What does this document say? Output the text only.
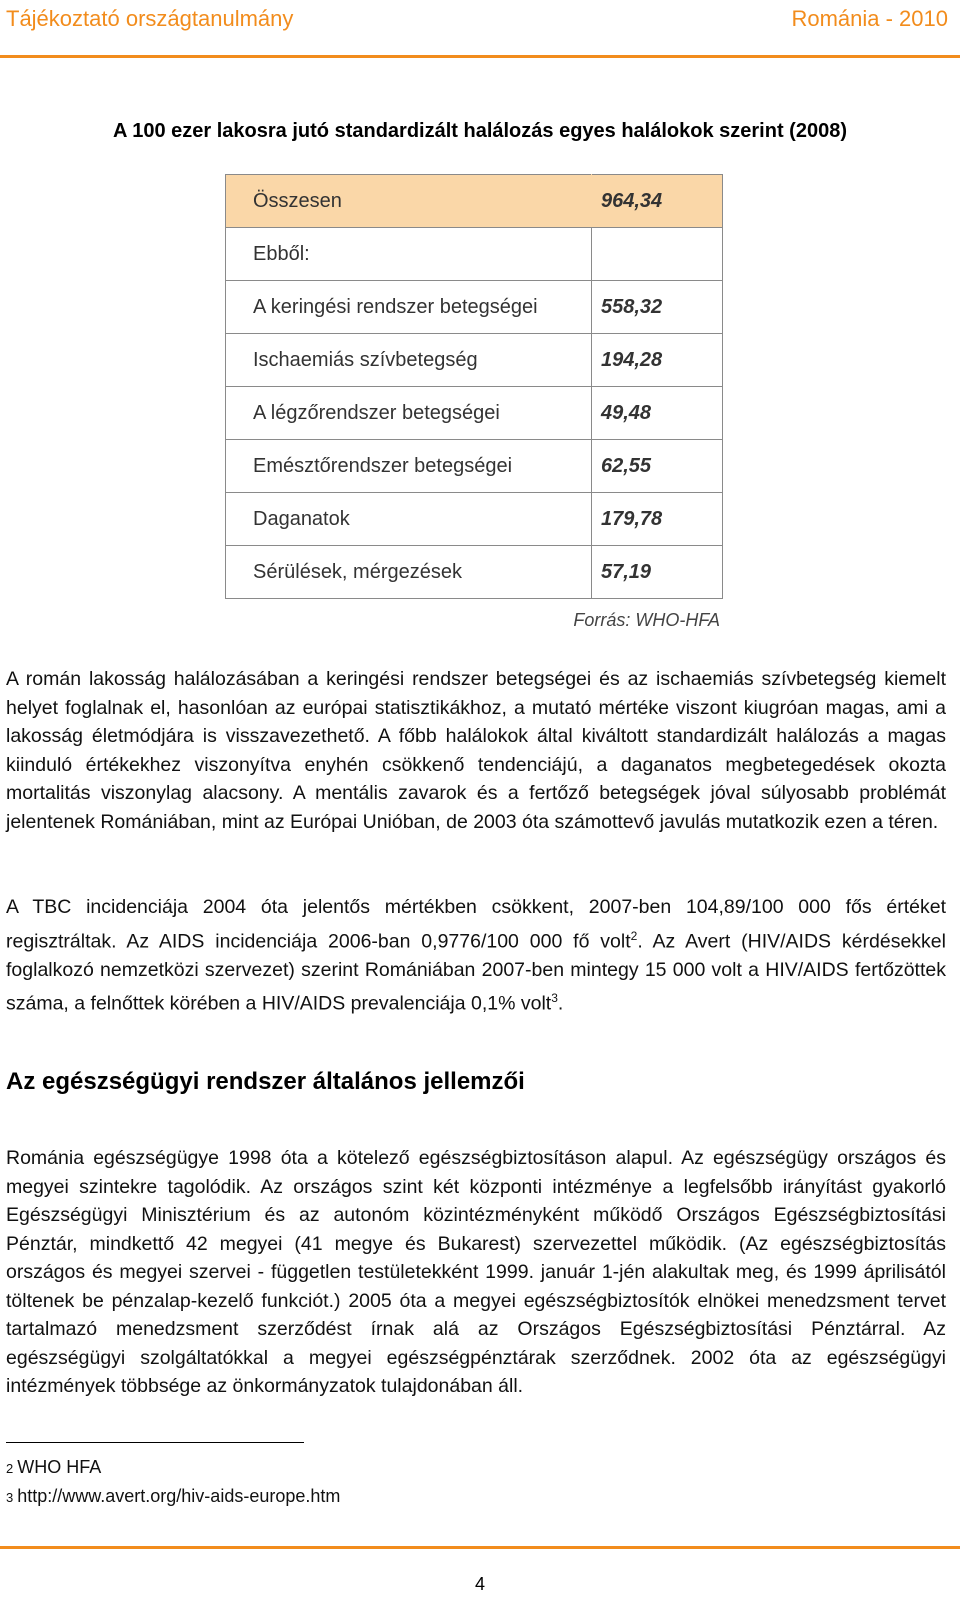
Tájékoztató országtanulmány	Románia - 2010
A 100 ezer lakosra jutó standardizált halálozás egyes halálokok szerint (2008)
Összesen	964,34
Ebből:	
A keringési rendszer betegségei	558,32
Ischaemiás szívbetegség	194,28
A légzőrendszer betegségei	49,48
Emésztőrendszer betegségei	62,55
Daganatok	179,78
Sérülések, mérgezések	57,19
Forrás: WHO-HFA
A román lakosság halálozásában a keringési rendszer betegségei és az ischaemiás szívbetegség kiemelt helyet foglalnak el, hasonlóan az európai statisztikákhoz, a mutató mértéke viszont kiugróan magas, ami a lakosság életmódjára is visszavezethető. A főbb halálokok által kiváltott standardizált halálozás a magas kiinduló értékekhez viszonyítva enyhén csökkenő tendenciájú, a daganatos megbetegedések okozta mortalitás viszonylag alacsony. A mentális zavarok és a fertőző betegségek jóval súlyosabb problémát jelentenek Romániában, mint az Európai Unióban, de 2003 óta számottevő javulás mutatkozik ezen a téren.
A TBC incidenciája 2004 óta jelentős mértékben csökkent, 2007-ben 104,89/100 000 fős értéket regisztráltak. Az AIDS incidenciája 2006-ban 0,9776/100 000 fő volt$^2$. Az Avert (HIV/AIDS kérdésekkel foglalkozó nemzetközi szervezet) szerint Romániában 2007-ben mintegy 15 000 volt a HIV/AIDS fertőzöttek száma, a felnőttek körében a HIV/AIDS prevalenciája 0,1% volt$^3$.
Az egészségügyi rendszer általános jellemzői
Románia egészségügye 1998 óta a kötelező egészségbiztosításon alapul. Az egészségügy országos és megyei szintekre tagolódik. Az országos szint két központi intézménye a legfelsőbb irányítást gyakorló Egészségügyi Minisztérium és az autonóm közintézményként működő Országos Egészségbiztosítási Pénztár, mindkettő 42 megyei (41 megye és Bukarest) szervezettel működik. (Az egészségbiztosítás országos és megyei szervei - független testületekként 1999. január 1-jén alakultak meg, és 1999 áprilisától töltenek be pénzalap-kezelő funkciót.) 2005 óta a megyei egészségbiztosítók elnökei menedzsment tervet tartalmazó menedzsment szerződést írnak alá az Országos Egészségbiztosítási Pénztárral. Az egészségügyi szolgáltatókkal a megyei egészségpénztárak szerződnek. 2002 óta az egészségügyi intézmények többsége az önkormányzatok tulajdonában áll.
2 WHO HFA
3 http://www.avert.org/hiv-aids-europe.htm
4
